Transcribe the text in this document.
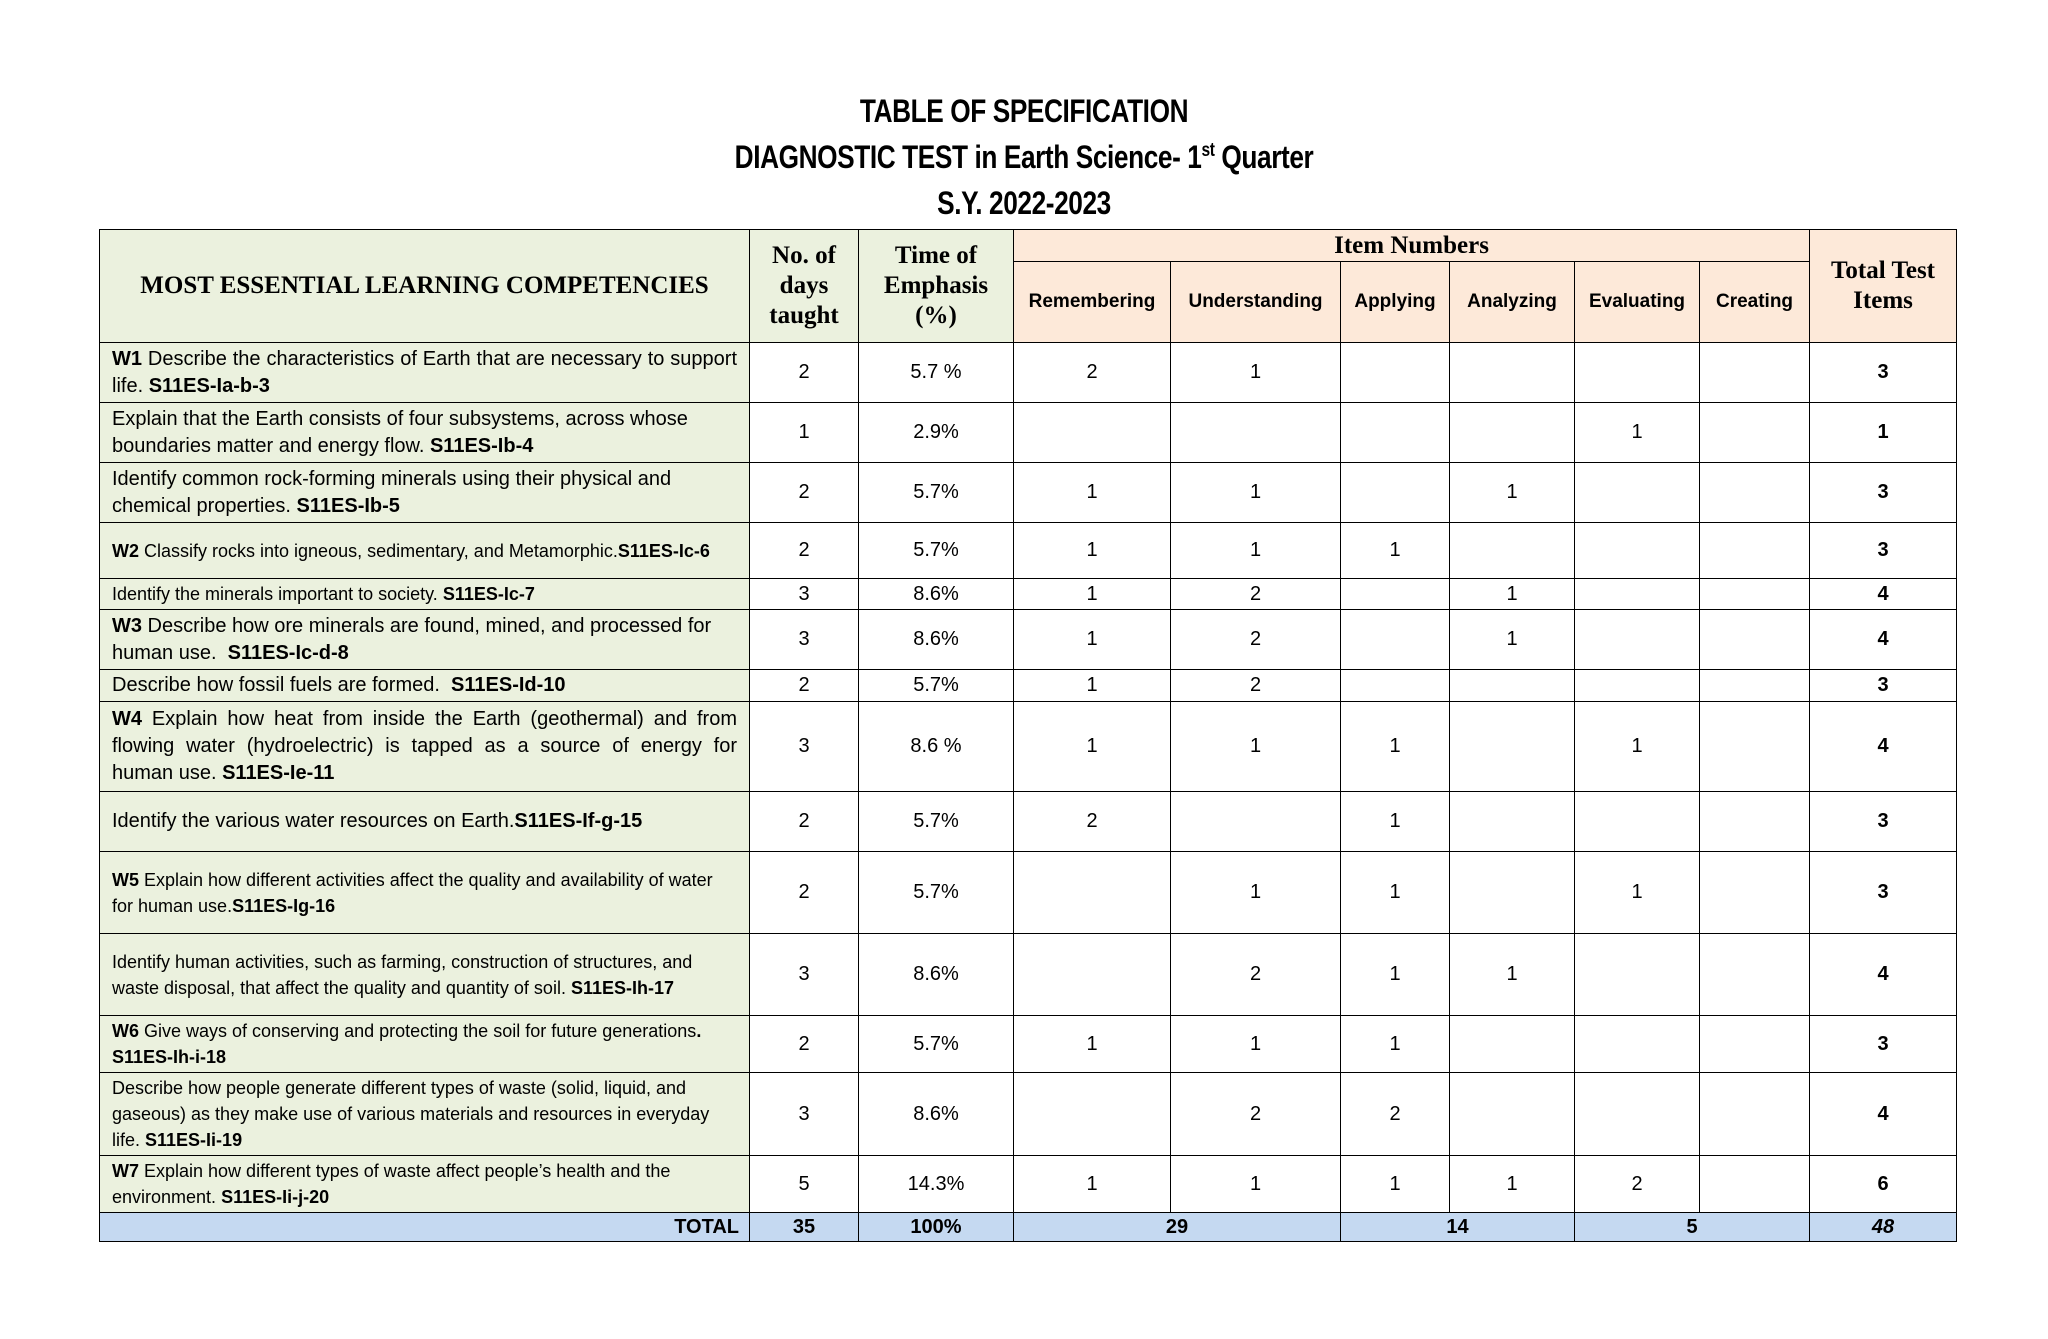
TABLE OF SPECIFICATION
DIAGNOSTIC TEST in Earth Science- 1st Quarter
S.Y. 2022-2023
MOST ESSENTIAL LEARNING COMPETENCIES	No. of days taught	Time of Emphasis (%)	Item Numbers						Total Test Items
			Remembering	Understanding	Applying	Analyzing	Evaluating	Creating	
W1 Describe the characteristics of Earth that are necessary to support life. S11ES-Ia-b-3	2	5.7 %	2	1					3
Explain that the Earth consists of four subsystems, across whose boundaries matter and energy flow. S11ES-Ib-4	1	2.9%					1		1
Identify common rock-forming minerals using their physical and chemical properties. S11ES-Ib-5	2	5.7%	1	1		1			3
W2 Classify rocks into igneous, sedimentary, and Metamorphic.S11ES-Ic-6	2	5.7%	1	1	1				3
Identify the minerals important to society. S11ES-Ic-7	3	8.6%	1	2		1			4
W3 Describe how ore minerals are found, mined, and processed for human use.  S11ES-Ic-d-8	3	8.6%	1	2		1			4
Describe how fossil fuels are formed.  S11ES-Id-10	2	5.7%	1	2					3
W4 Explain how heat from inside the Earth (geothermal) and from flowing water (hydroelectric) is tapped as a source of energy for human use. S11ES-Ie-11	3	8.6 %	1	1	1		1		4
Identify the various water resources on Earth.S11ES-If-g-15	2	5.7%	2		1				3
W5 Explain how different activities affect the quality and availability of water for human use.S11ES-Ig-16	2	5.7%		1	1		1		3
Identify human activities, such as farming, construction of structures, and waste disposal, that affect the quality and quantity of soil. S11ES-Ih-17	3	8.6%		2	1	1			4
W6 Give ways of conserving and protecting the soil for future generations. S11ES-Ih-i-18	2	5.7%	1	1	1				3
Describe how people generate different types of waste (solid, liquid, and gaseous) as they make use of various materials and resources in everyday life. S11ES-Ii-19	3	8.6%		2	2				4
W7 Explain how different types of waste affect people’s health and the environment. S11ES-Ii-j-20	5	14.3%	1	1	1	1	2		6
TOTAL	35	100%	29		14		5		48
